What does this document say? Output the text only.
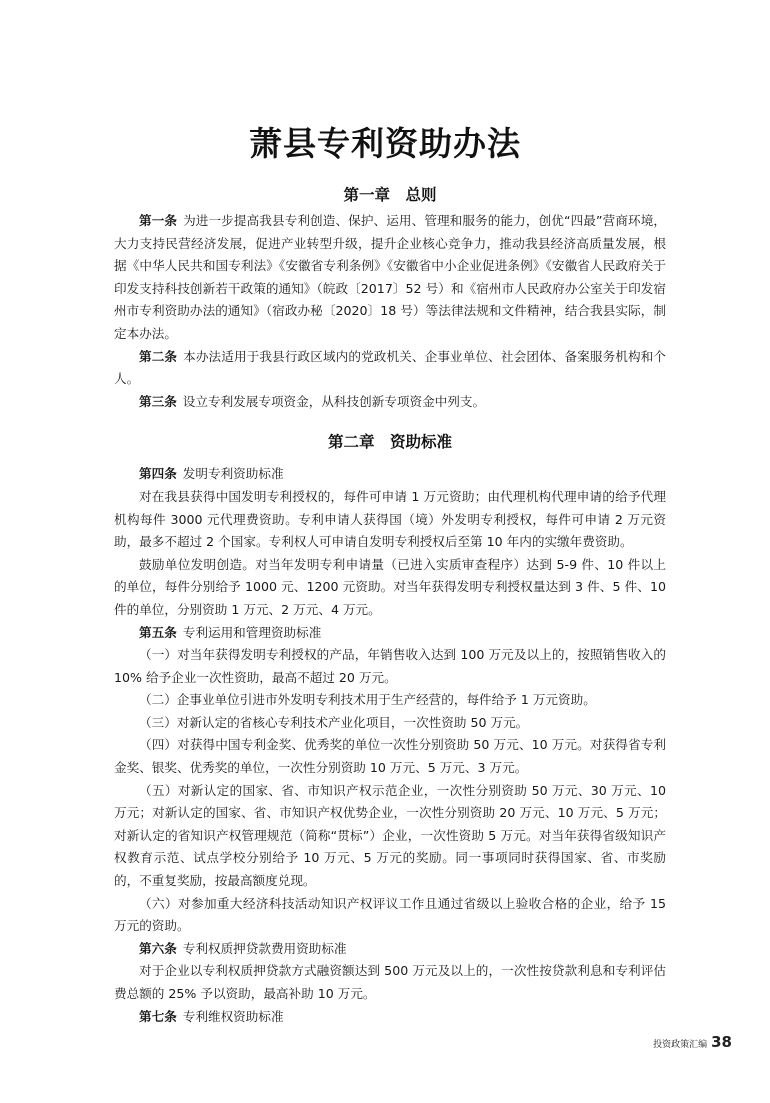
萧县专利资助办法
第一章　总则

第一条 为进一步提高我县专利创造、保护、运用、管理和服务的能力，创优“四最”营商环境，大力支持民营经济发展，促进产业转型升级，提升企业核心竞争力，推动我县经济高质量发展，根据《中华人民共和国专利法》《安徽省专利条例》《安徽省中小企业促进条例》《安徽省人民政府关于印发支持科技创新若干政策的通知》（皖政〔2017〕52 号）和《宿州市人民政府办公室关于印发宿州市专利资助办法的通知》（宿政办秘〔2020〕18 号）等法律法规和文件精神，结合我县实际，制定本办法。

第二条 本办法适用于我县行政区域内的党政机关、企事业单位、社会团体、备案服务机构和个人。

第三条 设立专利发展专项资金，从科技创新专项资金中列支。

第二章　资助标准

第四条 发明专利资助标准

对在我县获得中国发明专利授权的，每件可申请 1 万元资助；由代理机构代理申请的给予代理机构每件 3000 元代理费资助。专利申请人获得国（境）外发明专利授权，每件可申请 2 万元资助，最多不超过 2 个国家。专利权人可申请自发明专利授权后至第 10 年内的实缴年费资助。

鼓励单位发明创造。对当年发明专利申请量（已进入实质审查程序）达到 5-9 件、10 件以上的单位，每件分别给予 1000 元、1200 元资助。对当年获得发明专利授权量达到 3 件、5 件、10 件的单位，分别资助 1 万元、2 万元、4 万元。

第五条 专利运用和管理资助标准

（一）对当年获得发明专利授权的产品，年销售收入达到 100 万元及以上的，按照销售收入的 10% 给予企业一次性资助，最高不超过 20 万元。

（二）企事业单位引进市外发明专利技术用于生产经营的，每件给予 1 万元资助。

（三）对新认定的省核心专利技术产业化项目，一次性资助 50 万元。

（四）对获得中国专利金奖、优秀奖的单位一次性分别资助 50 万元、10 万元。对获得省专利金奖、银奖、优秀奖的单位，一次性分别资助 10 万元、5 万元、3 万元。

（五）对新认定的国家、省、市知识产权示范企业，一次性分别资助 50 万元、30 万元、10 万元；对新认定的国家、省、市知识产权优势企业，一次性分别资助 20 万元、10 万元、5 万元；对新认定的省知识产权管理规范（简称“贯标”）企业，一次性资助 5 万元。对当年获得省级知识产权教育示范、试点学校分别给予 10 万元、5 万元的奖励。同一事项同时获得国家、省、市奖励的，不重复奖励，按最高额度兑现。

（六）对参加重大经济科技活动知识产权评议工作且通过省级以上验收合格的企业，给予 15 万元的资助。

第六条 专利权质押贷款费用资助标准

对于企业以专利权质押贷款方式融资额达到 500 万元及以上的，一次性按贷款利息和专利评估费总额的 25% 予以资助，最高补助 10 万元。

第七条 专利维权资助标准

投资政策汇编 38
